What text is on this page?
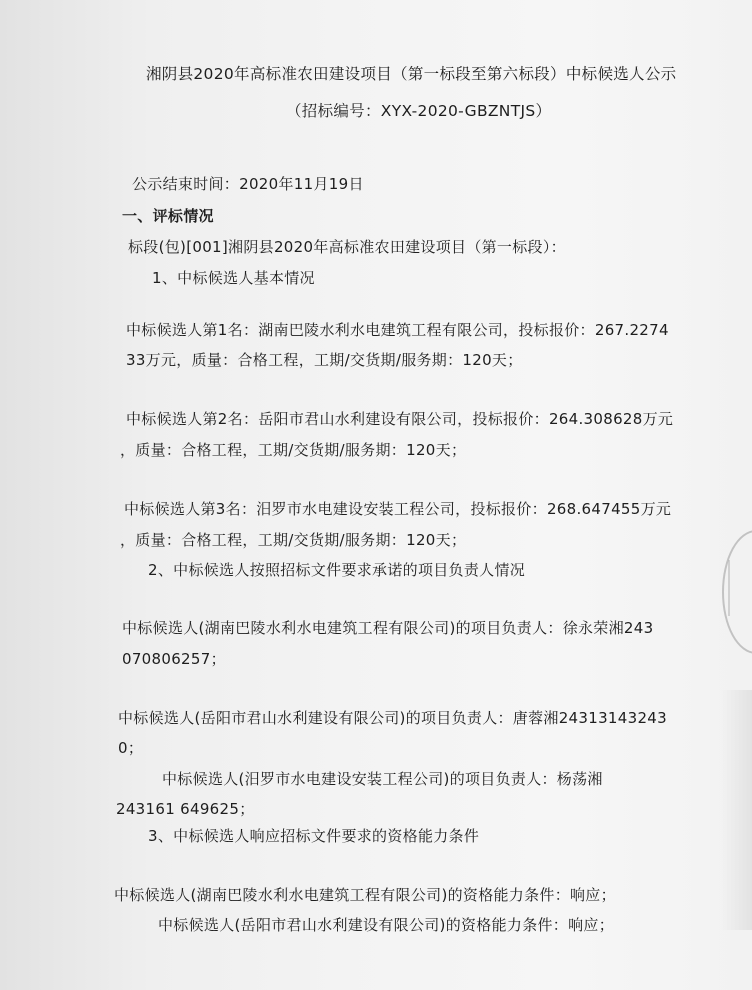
湘阴县2020年高标准农田建设项目（第一标段至第六标段）中标候选人公示
（招标编号：XYX-2020-GBZNTJS）
公示结束时间：2020年11月19日
一、评标情况
标段(包)[001]湘阴县2020年高标准农田建设项目（第一标段）：
1、中标候选人基本情况
中标候选人第1名：湖南巴陵水利水电建筑工程有限公司，投标报价：267.2274
33万元，质量：合格工程，工期/交货期/服务期：120天；
中标候选人第2名：岳阳市君山水利建设有限公司，投标报价：264.308628万元
，质量：合格工程，工期/交货期/服务期：120天；
中标候选人第3名：汨罗市水电建设安装工程公司，投标报价：268.647455万元
，质量：合格工程，工期/交货期/服务期：120天；
2、中标候选人按照招标文件要求承诺的项目负责人情况
中标候选人(湖南巴陵水利水电建筑工程有限公司)的项目负责人：徐永荣湘243
070806257；
中标候选人(岳阳市君山水利建设有限公司)的项目负责人：唐蓉湘24313143243
0；
中标候选人(汨罗市水电建设安装工程公司)的项目负责人：杨荡湘
243161 649625；
3、中标候选人响应招标文件要求的资格能力条件
中标候选人(湖南巴陵水利水电建筑工程有限公司)的资格能力条件：响应；
中标候选人(岳阳市君山水利建设有限公司)的资格能力条件：响应；
